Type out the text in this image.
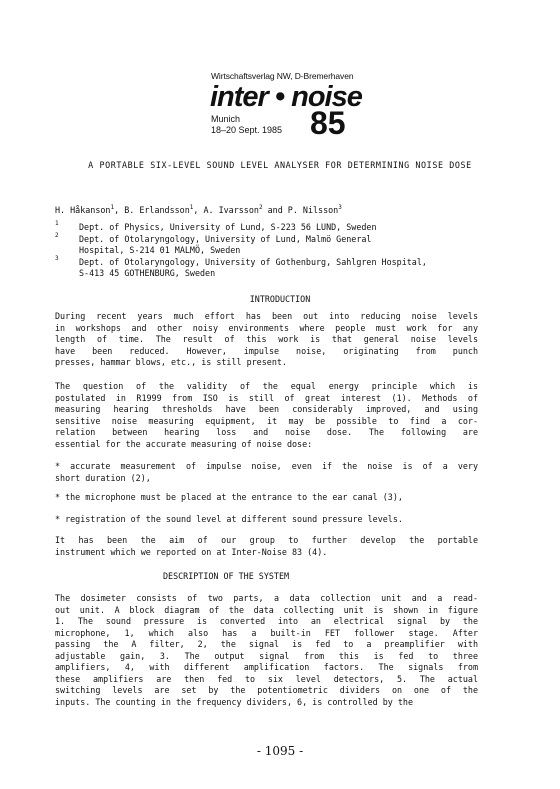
Wirtschaftsverlag NW, D-Bremerhaven
inter • noise
Munich
18–20 Sept. 1985 85
A PORTABLE SIX-LEVEL SOUND LEVEL ANALYSER FOR DETERMINING NOISE DOSE
H. Håkanson$^1$, B. Erlandsson$^1$, A. Ivarsson$^2$ and P. Nilsson$^3$
1 Dept. of Physics, University of Lund, S-223 56 LUND, Sweden
2 Dept. of Otolaryngology, University of Lund, Malmö General
Hospital, S-214 01 MALMÖ, Sweden
3 Dept. of Otolaryngology, University of Gothenburg, Sahlgren Hospital,
S-413 45 GOTHENBURG, Sweden
INTRODUCTION
During recent years much effort has been out into reducing noise levels
in workshops and other noisy environments where people must work for any
length of time. The result of this work is that general noise levels
have been reduced. However, impulse noise, originating from punch
presses, hammar blows, etc., is still present.
The question of the validity of the equal energy principle which is
postulated in R1999 from ISO is still of great interest (1). Methods of
measuring hearing thresholds have been considerably improved, and using
sensitive noise measuring equipment, it may be possible to find a cor-
relation between hearing loss and noise dose. The following are
essential for the accurate measuring of noise dose:
* accurate measurement of impulse noise, even if the noise is of a very
short duration (2),
* the microphone must be placed at the entrance to the ear canal (3),
* registration of the sound level at different sound pressure levels.
It has been the aim of our group to further develop the portable
instrument which we reported on at Inter-Noise 83 (4).
DESCRIPTION OF THE SYSTEM
The dosimeter consists of two parts, a data collection unit and a read-
out unit. A block diagram of the data collecting unit is shown in figure
1. The sound pressure is converted into an electrical signal by the
microphone, 1, which also has a built-in FET follower stage. After
passing the A filter, 2, the signal is fed to a preamplifier with
adjustable gain, 3. The output signal from this is fed to three
amplifiers, 4, with different amplification factors. The signals from
these amplifiers are then fed to six level detectors, 5. The actual
switching levels are set by the potentiometric dividers on one of the
inputs. The counting in the frequency dividers, 6, is controlled by the
- 1095 -
